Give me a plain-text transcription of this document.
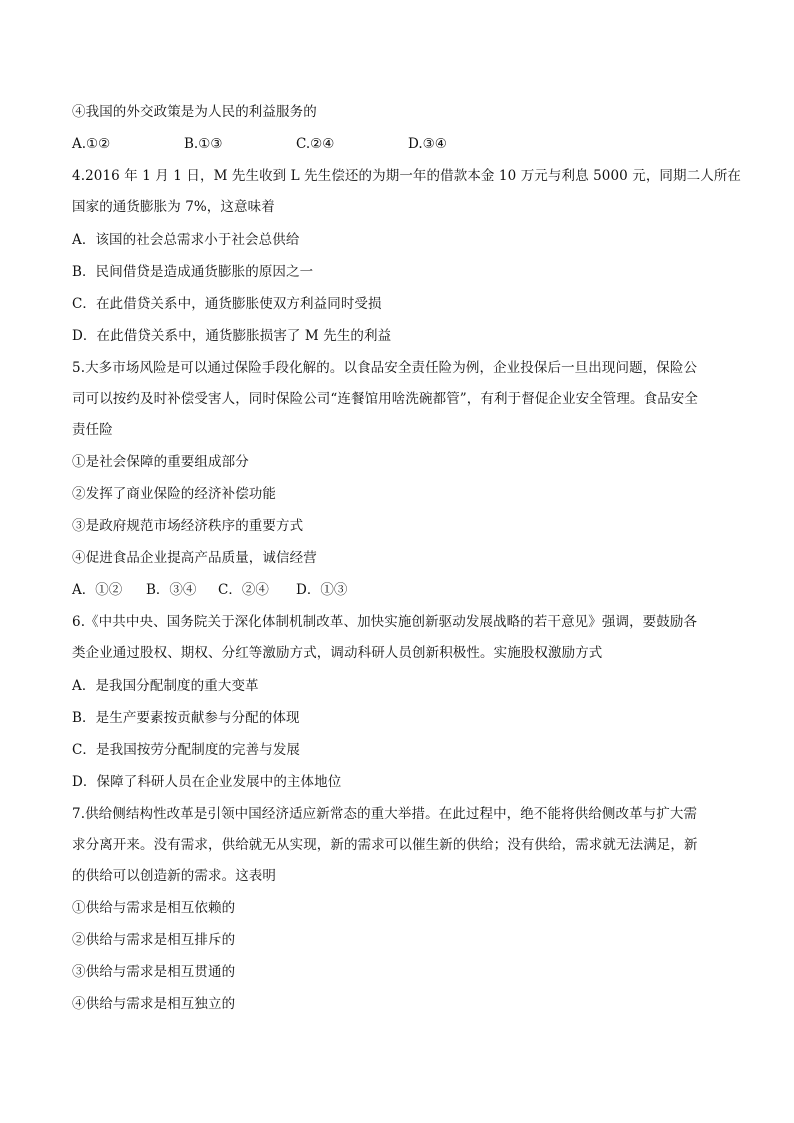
④我国的外交政策是为人民的利益服务的
A.①②	B.①③	C.②④	D.③④
4.2016 年 1 月 1 日，M 先生收到 L 先生偿还的为期一年的借款本金 10 万元与利息 5000 元，同期二人所在
国家的通货膨胀为 7%，这意味着
A．该国的社会总需求小于社会总供给
B．民间借贷是造成通货膨胀的原因之一
C．在此借贷关系中，通货膨胀使双方利益同时受损
D．在此借贷关系中，通货膨胀损害了 M 先生的利益
5.大多市场风险是可以通过保险手段化解的。以食品安全责任险为例，企业投保后一旦出现问题，保险公
司可以按约及时补偿受害人，同时保险公司“连餐馆用啥洗碗都管”，有利于督促企业安全管理。食品安全
责任险
①是社会保障的重要组成部分
②发挥了商业保险的经济补偿功能
③是政府规范市场经济秩序的重要方式
④促进食品企业提高产品质量，诚信经营
A．①② B．③④ C．②④ D．①③
6.《中共中央、国务院关于深化体制机制改革、加快实施创新驱动发展战略的若干意见》强调，要鼓励各
类企业通过股权、期权、分红等激励方式，调动科研人员创新积极性。实施股权激励方式
A．是我国分配制度的重大变革
B．是生产要素按贡献参与分配的体现
C．是我国按劳分配制度的完善与发展
D．保障了科研人员在企业发展中的主体地位
7.供给侧结构性改革是引领中国经济适应新常态的重大举措。在此过程中，绝不能将供给侧改革与扩大需
求分离开来。没有需求，供给就无从实现，新的需求可以催生新的供给；没有供给，需求就无法满足，新
的供给可以创造新的需求。这表明
①供给与需求是相互依赖的
②供给与需求是相互排斥的
③供给与需求是相互贯通的
④供给与需求是相互独立的
